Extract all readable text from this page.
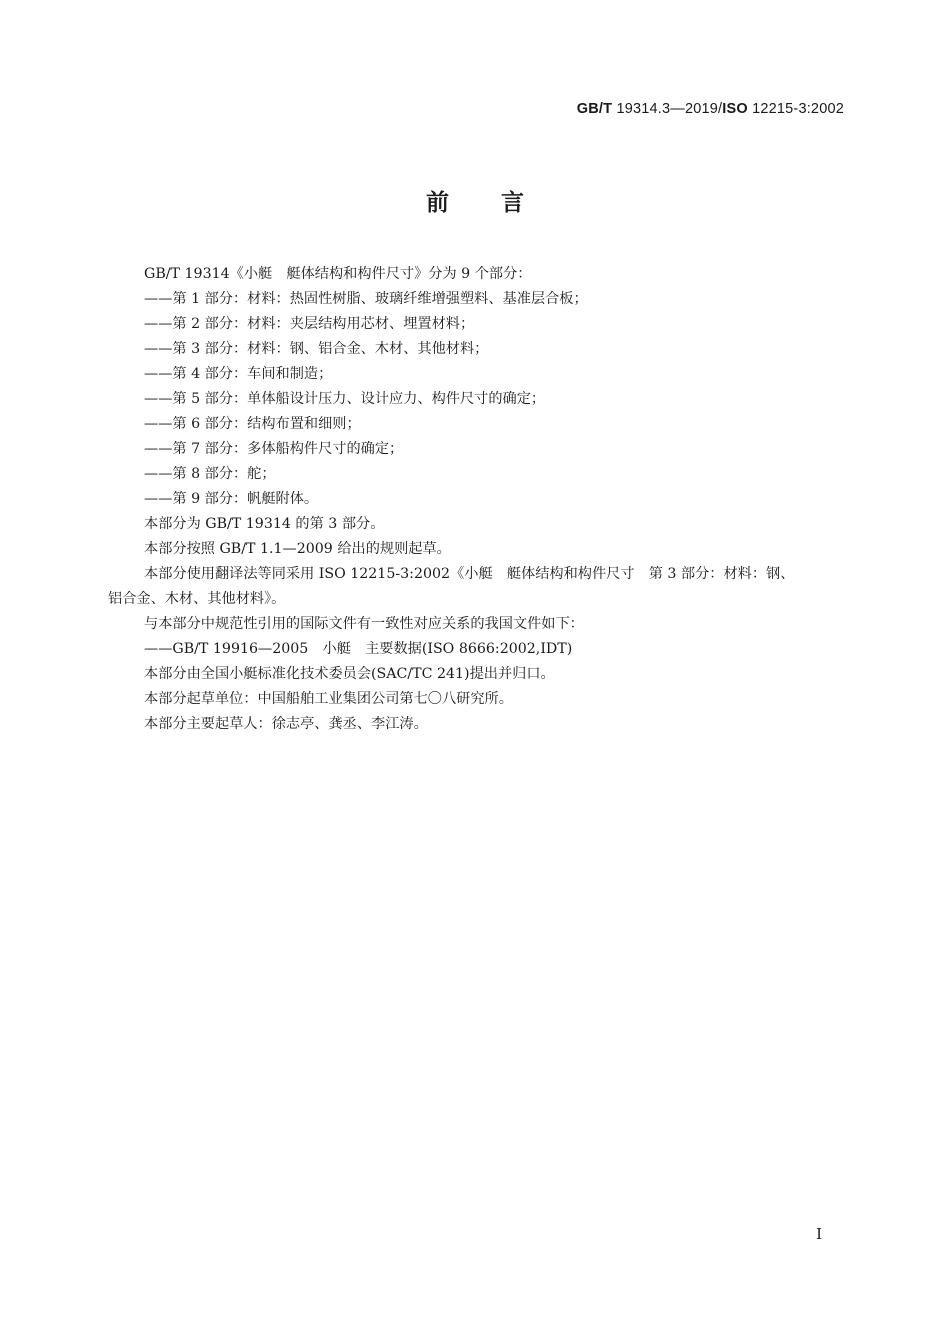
GB/T 19314.3—2019/ISO 12215-3:2002
前 言
GB/T 19314《小艇　艇体结构和构件尺寸》分为 9 个部分：
——第 1 部分：材料：热固性树脂、玻璃纤维增强塑料、基准层合板；
——第 2 部分：材料：夹层结构用芯材、埋置材料；
——第 3 部分：材料：钢、铝合金、木材、其他材料；
——第 4 部分：车间和制造；
——第 5 部分：单体船设计压力、设计应力、构件尺寸的确定；
——第 6 部分：结构布置和细则；
——第 7 部分：多体船构件尺寸的确定；
——第 8 部分：舵；
——第 9 部分：帆艇附体。
本部分为 GB/T 19314 的第 3 部分。
本部分按照 GB/T 1.1—2009 给出的规则起草。
本部分使用翻译法等同采用 ISO 12215-3:2002《小艇　艇体结构和构件尺寸　第 3 部分：材料：钢、
铝合金、木材、其他材料》。
与本部分中规范性引用的国际文件有一致性对应关系的我国文件如下：
——GB/T 19916—2005　小艇　主要数据(ISO 8666:2002,IDT)
本部分由全国小艇标准化技术委员会(SAC/TC 241)提出并归口。
本部分起草单位：中国船舶工业集团公司第七〇八研究所。
本部分主要起草人：徐志亭、龚丞、李江涛。
I
